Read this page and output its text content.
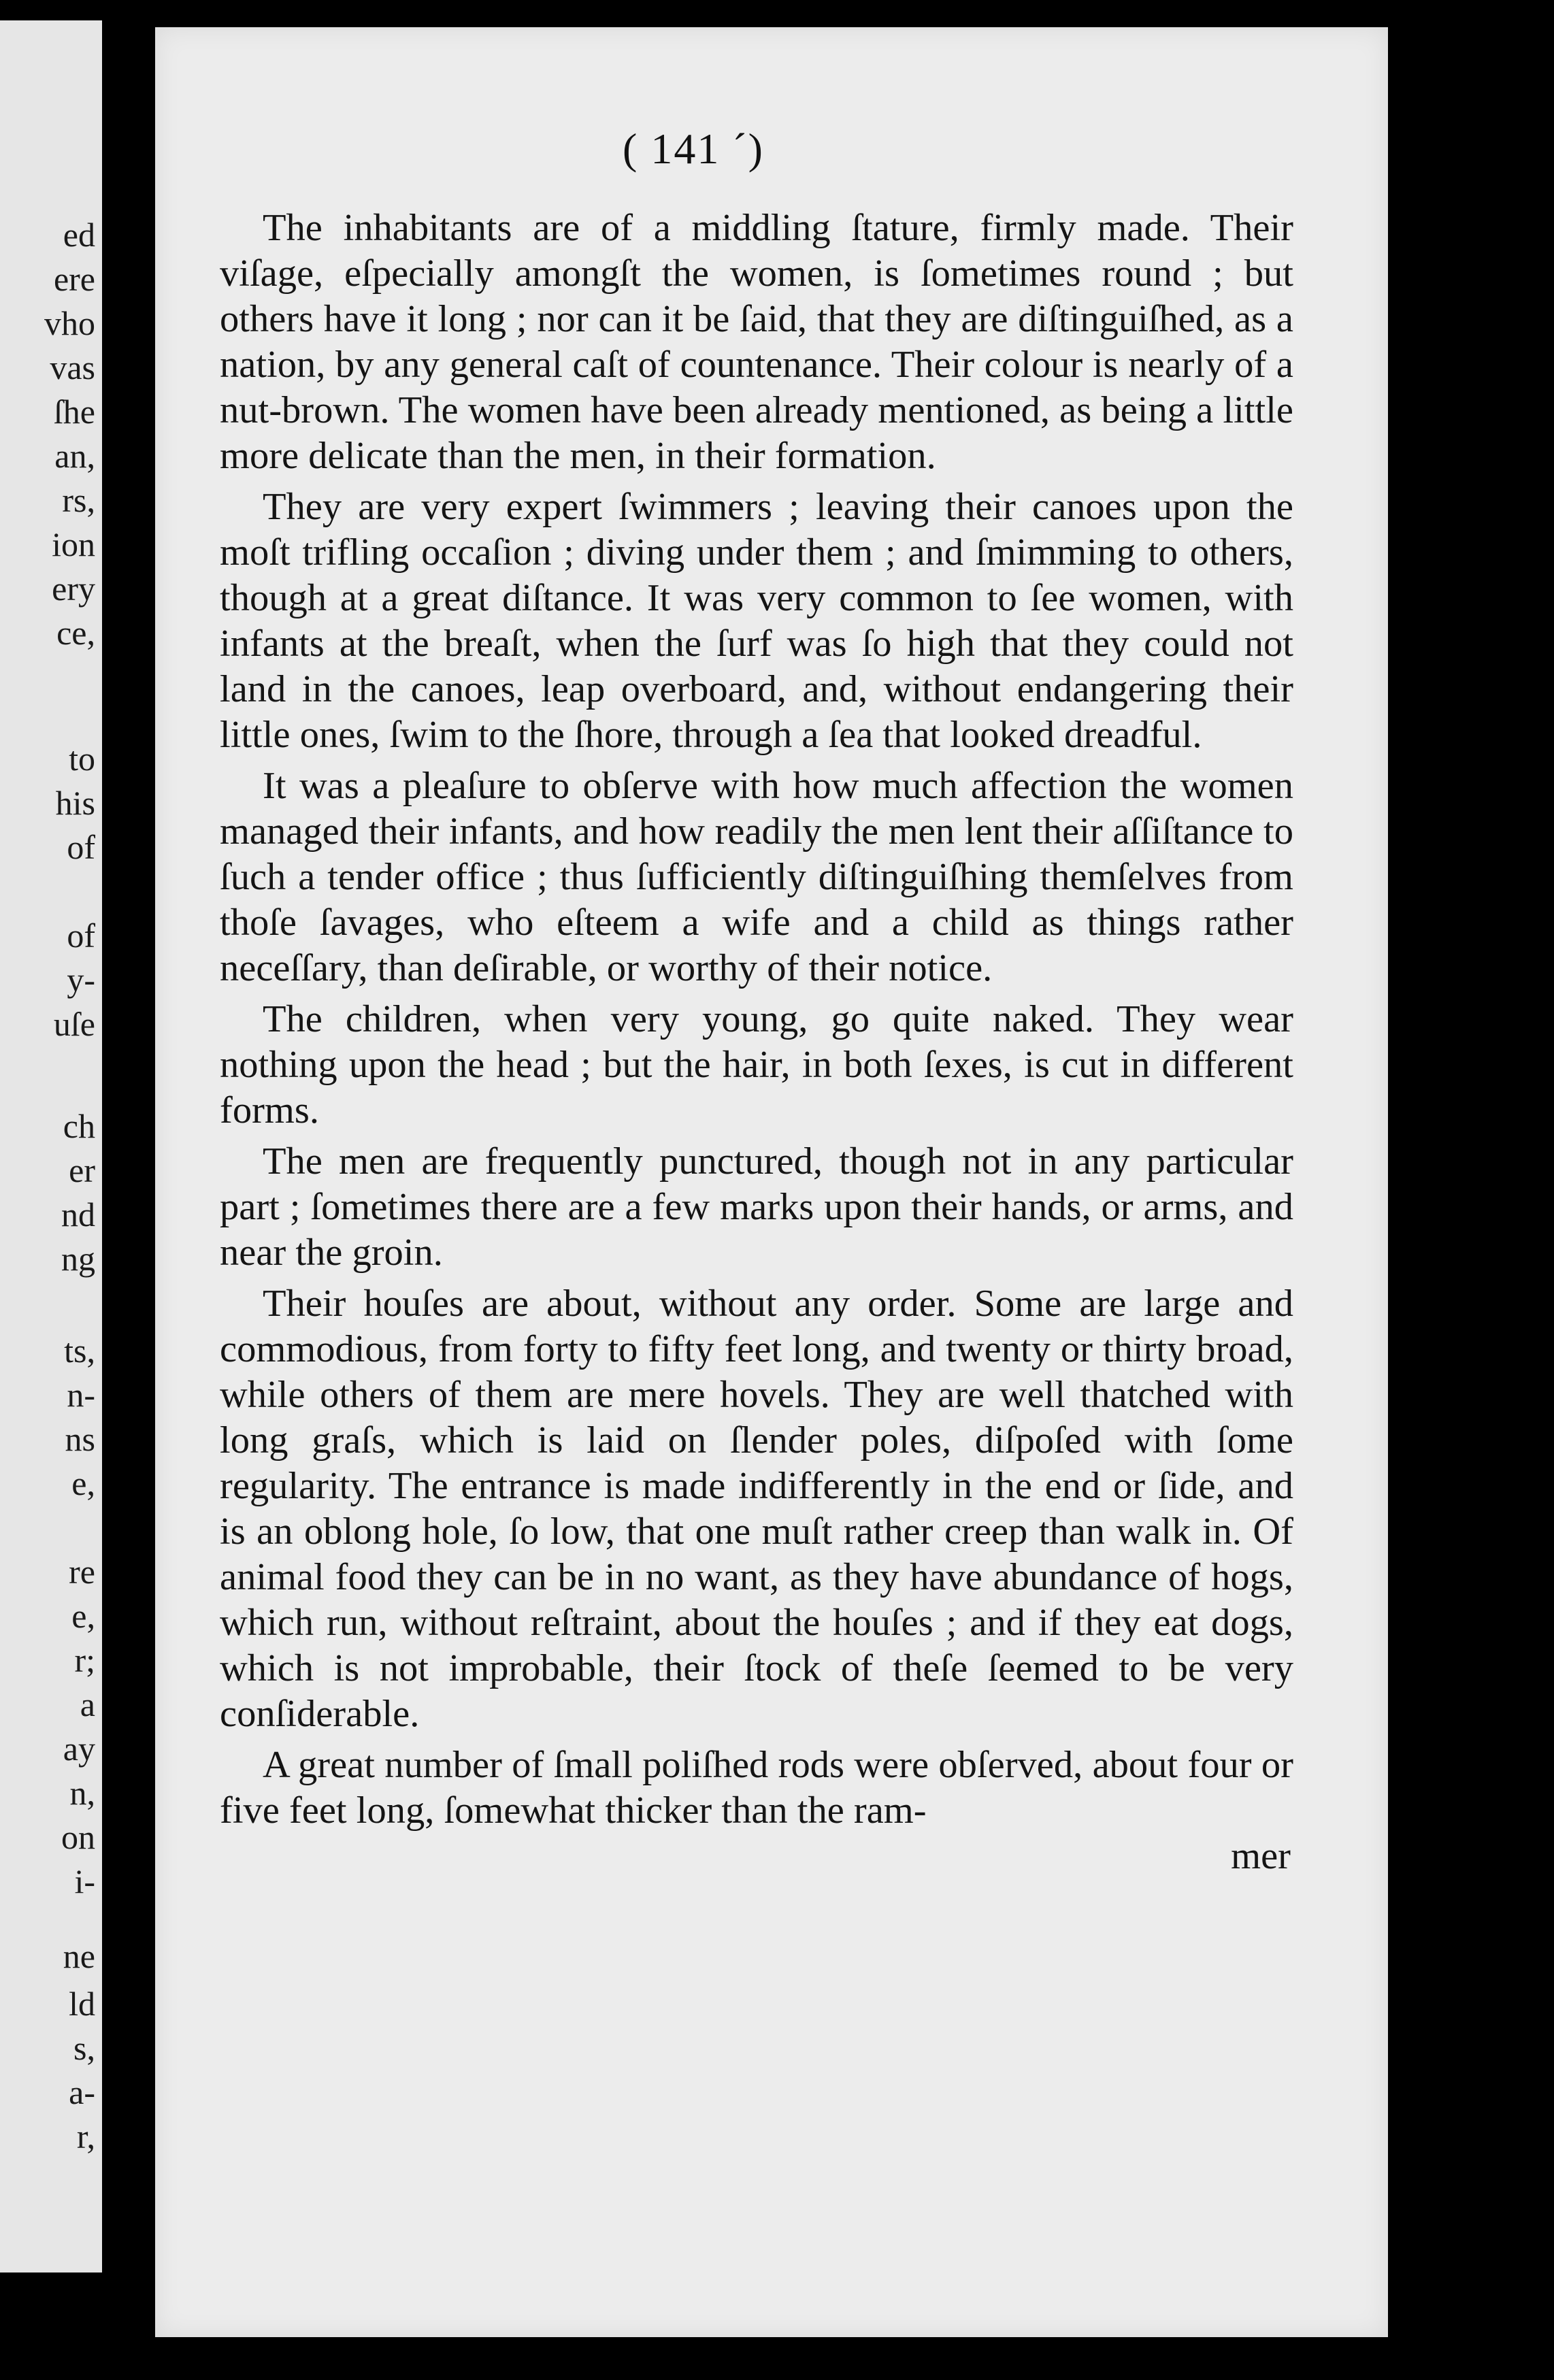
ed
ere
vho
vas
ſhe
an,
rs,
ion
ery
ce,
to
his
of
of
y-
uſe
ch
er
nd
ng
ts,
n-
ns
e,
re
e,
r;
a
ay
n,
on
i-
ne
ld
s,
a-
r,
( 141 ´)

The inhabitants are of a middling ſtature, firmly made. Their viſage, eſpecially amongſt the women, is ſometimes round ; but others have it long ; nor can it be ſaid, that they are diſtinguiſhed, as a nation, by any general caſt of countenance. Their colour is nearly of a nut-brown. The women have been already mentioned, as being a little more delicate than the men, in their formation.

They are very expert ſwimmers ; leaving their canoes upon the moſt trifling occaſion ; diving under them ; and ſmimming to others, though at a great diſtance. It was very common to ſee women, with infants at the breaſt, when the ſurf was ſo high that they could not land in the canoes, leap overboard, and, without endangering their little ones, ſwim to the ſhore, through a ſea that looked dreadful.

It was a pleaſure to obſerve with how much affection the women managed their infants, and how readily the men lent their aſſiſtance to ſuch a tender office ; thus ſufficiently diſtinguiſhing themſelves from thoſe ſavages, who eſteem a wife and a child as things rather neceſſary, than deſirable, or worthy of their notice.

The children, when very young, go quite naked. They wear nothing upon the head ; but the hair, in both ſexes, is cut in different forms.

The men are frequently punctured, though not in any particular part ; ſometimes there are a few marks upon their hands, or arms, and near the groin.

Their houſes are about, without any order. Some are large and commodious, from forty to fifty feet long, and twenty or thirty broad, while others of them are mere hovels. They are well thatched with long graſs, which is laid on ſlender poles, diſpoſed with ſome regularity. The entrance is made indifferently in the end or ſide, and is an oblong hole, ſo low, that one muſt rather creep than walk in. Of animal food they can be in no want, as they have abundance of hogs, which run, without reſtraint, about the houſes ; and if they eat dogs, which is not improbable, their ſtock of theſe ſeemed to be very conſiderable.

A great number of ſmall poliſhed rods were obſerved, about four or five feet long, ſomewhat thicker than the ram-

mer
